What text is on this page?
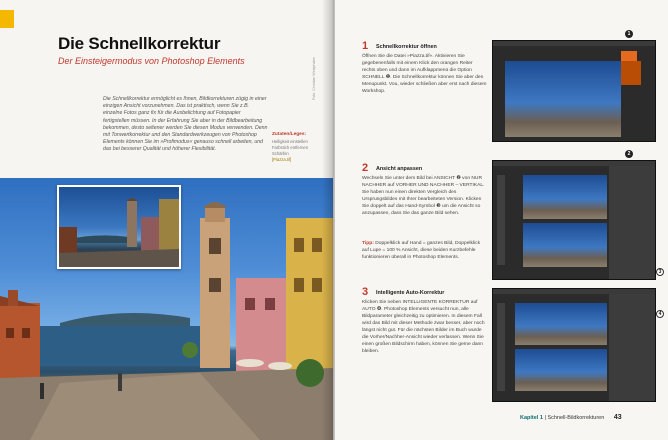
Die Schnellkorrektur

Der Einsteigermodus von Photoshop Elements

Die Schnellkorrektur ermöglicht es Ihnen, Bildkorrekturen zügig in einer einzigen Ansicht vorzunehmen. Das ist praktisch, wenn Sie z.B. einzelne Fotos ganz fix für die Ausbelichtung auf Fotopapier fertigstellen müssen. In der Erfahrung Sie aber in der Bildbearbeitung bekommen, desto seltener werden Sie diesen Modus verwenden. Denn mit Tonwertkorrektur und den Standardwerkzeugen von Photoshop Elements können Sie im »Profimodus« genauso schnell arbeiten, und das bei besserer Qualität und höherer Flexibilität.

Foto: Christian Westphalen
Zutaten/Leges:
Helligkeit einstellen
Farbstich entfernen
Schärfen
[Piazza.tif]
1 Schnellkorrektur öffnen

Öffnen Sie die Datei »Piazza.tif«. Aktivieren Sie gegebenenfalls mit einem Klick den orangen Reiter rechts oben und dann im Aufklappmenü die Option SCHNELL ❶. Die Schnellkorrektur können Sie aber den Menupunkt. Vou, wieder schließen aber erst nach diesem Workshop.

1
2 Ansicht anpassen

Wechseln Sie unter dem Bild bei ANSICHT ❷ von NUR NACHHER auf VORHER UND NACHHER – VERTIKAL. Sie haben nun einen direkten Vergleich des Ursprungsbildes mit Ihrer bearbeiteten Version. Klicken Sie doppelt auf das Hand-Symbol ❸ um die Ansicht so anzupassen, dass Sie das ganze Bild sehen.

Tipp: Doppelklick auf Hand = ganzes Bild, Doppelklick auf Lupe = 100 % Ansicht, diese beiden Kurzbefehle funktionieren überall in Photoshop Elements.

2
3
3 Intelligente Auto-Korrektur

Klicken Sie neben INTELLIGENTE KORREKTUR auf AUTO ❹. Photoshop Elements versucht nun, alle Bildparameter gleichzeitig zu optimieren. In diesem Fall wird das Bild mit dieser Methode zwar besser, aber noch längst nicht gut. Für die nächsten Bilder im Buch wurde die Vorher/Nachher-Ansicht wieder verlassen. Wenn Sie einen großen Bildschirm haben, können Sie gerne dann bleiben.

4
Kapitel 1 | Schnell-Bildkorrekturen 43
